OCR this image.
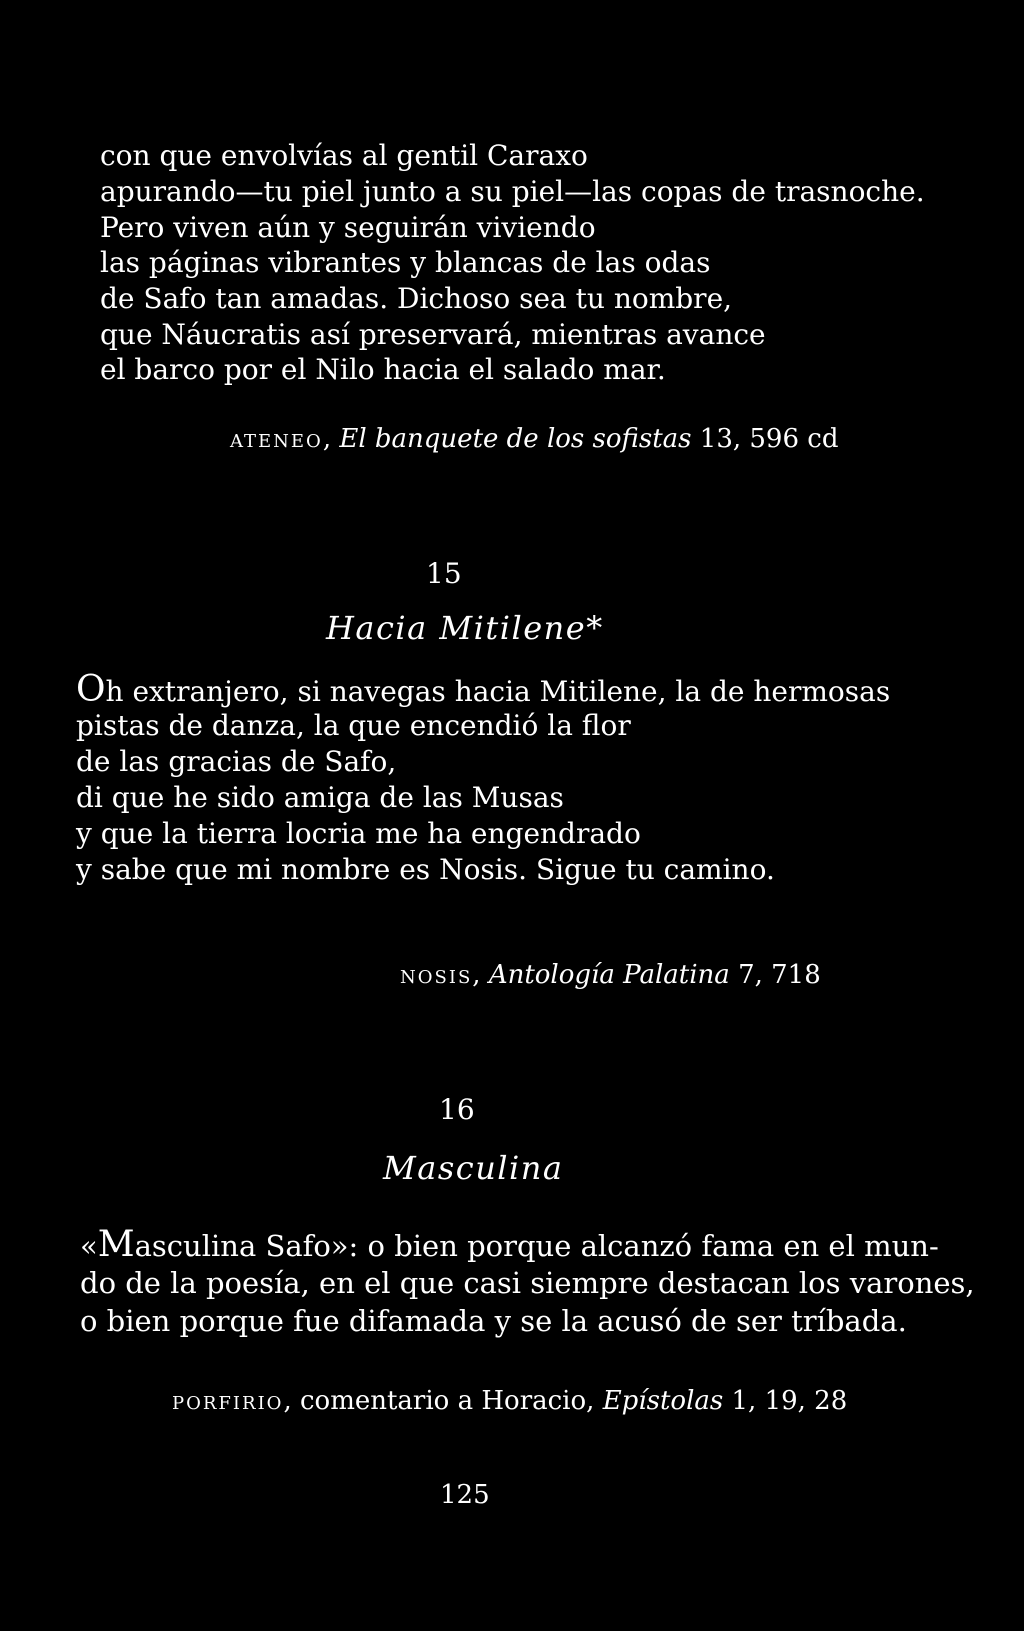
con que envolvías al gentil Caraxo
apurando—tu piel junto a su piel—las copas de trasnoche.
Pero viven aún y seguirán viviendo
las páginas vibrantes y blancas de las odas
de Safo tan amadas. Dichoso sea tu nombre,
que Náucratis así preservará, mientras avance
el barco por el Nilo hacia el salado mar.
ateneo, El banquete de los sofistas 13, 596 cd
15
Hacia Mitilene*
Oh extranjero, si navegas hacia Mitilene, la de hermosas
pistas de danza, la que encendió la flor
de las gracias de Safo,
di que he sido amiga de las Musas
y que la tierra locria me ha engendrado
y sabe que mi nombre es Nosis. Sigue tu camino.
nosis, Antología Palatina 7, 718
16
Masculina
«Masculina Safo»: o bien porque alcanzó fama en el mun-
do de la poesía, en el que casi siempre destacan los varones,
o bien porque fue difamada y se la acusó de ser tríbada.
porfirio, comentario a Horacio, Epístolas 1, 19, 28
125
